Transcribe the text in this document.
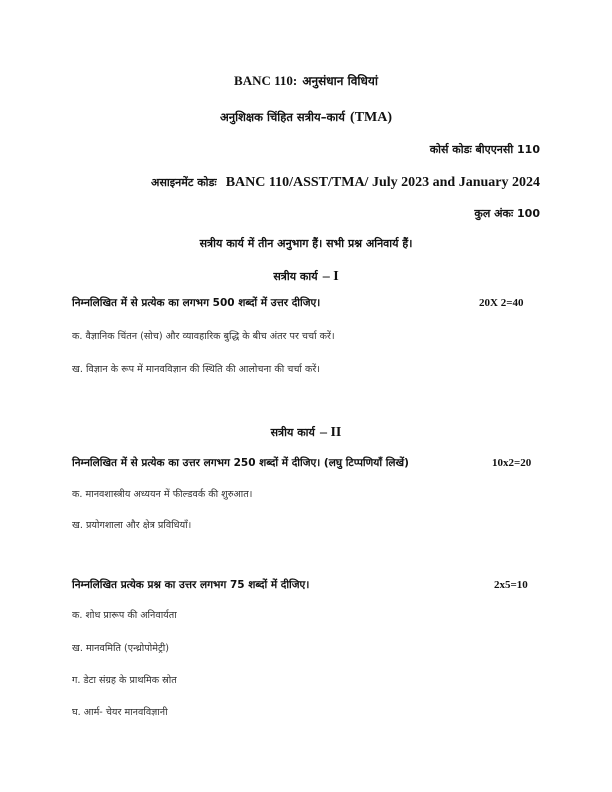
BANC 110: अनुसंधान विधियां
अनुशिक्षक चिंहित सत्रीय–कार्य (TMA)
कोर्स कोडः बीएएनसी 110
असाइनमेंट कोडः BANC 110/ASST/TMA/ July 2023 and January 2024
कुल अंकः 100
सत्रीय कार्य में तीन अनुभाग हैं। सभी प्रश्न अनिवार्य हैं।
सत्रीय कार्य – I
निम्नलिखित में से प्रत्येक का लगभग 500 शब्दों में उत्तर दीजिए।	20X 2=40
क. वैज्ञानिक चिंतन (सोच) और व्यावहारिक बुद्धि के बीच अंतर पर चर्चा करें।
ख. विज्ञान के रूप में मानवविज्ञान की स्थिति की आलोचना की चर्चा करें।
सत्रीय कार्य – II
निम्नलिखित में से प्रत्येक का उत्तर लगभग 250 शब्दों में दीजिए। (लघु टिप्पणियाँ लिखें)	10x2=20
क. मानवशास्त्रीय अध्ययन में फील्डवर्क की शुरुआत।
ख. प्रयोगशाला और क्षेत्र प्रविधियाँ।
निम्नलिखित प्रत्येक प्रश्न का उत्तर लगभग 75 शब्दों में दीजिए।	2x5=10
क. शोध प्रारूप की अनिवार्यता
ख. मानवमिति (एन्थ्रोपोमेट्री)
ग. डेटा संग्रह के प्राथमिक स्रोत
घ. आर्म- चेयर मानवविज्ञानी
